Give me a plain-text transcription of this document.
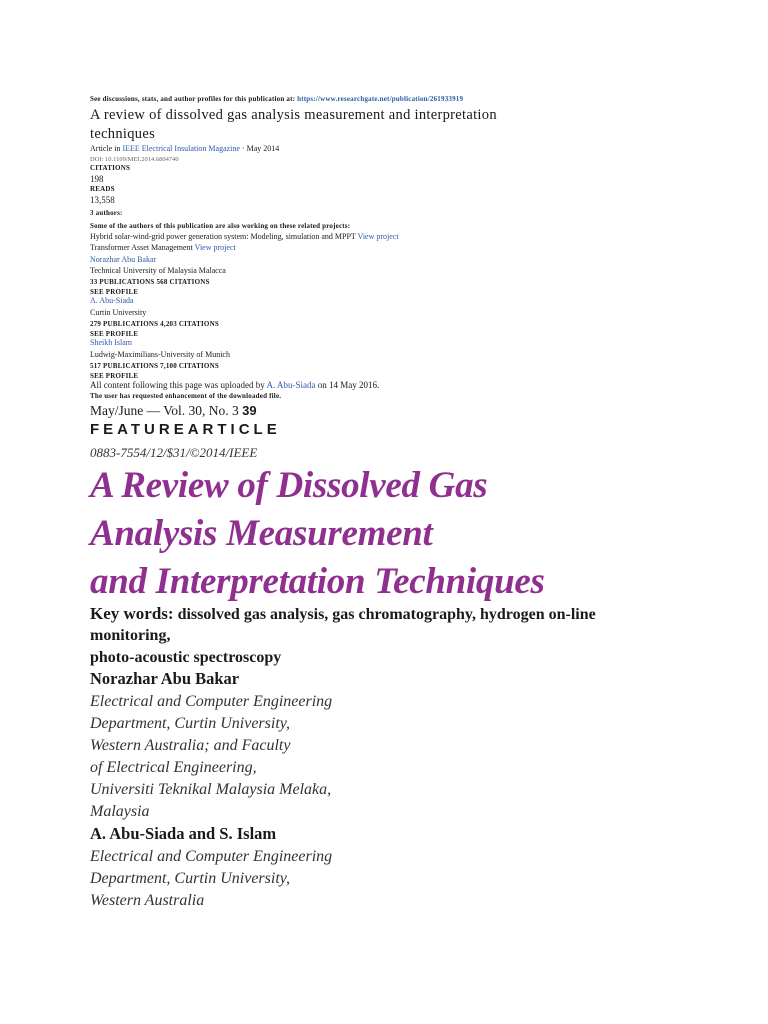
See discussions, stats, and author profiles for this publication at: https://www.researchgate.net/publication/261933919
A review of dissolved gas analysis measurement and interpretation
techniques
Article in IEEE Electrical Insulation Magazine · May 2014
DOI: 10.1109/MEI.2014.6804740
CITATIONS
198
READS
13,558
3 authors:
Some of the authors of this publication are also working on these related projects:
Hybrid solar-wind-grid power generation system: Modeling, simulation and MPPT View project
Transformer Asset Management View project
Norazhar Abu Bakar
Technical University of Malaysia Malacca
33 PUBLICATIONS 568 CITATIONS
SEE PROFILE
A. Abu-Siada
Curtin University
279 PUBLICATIONS 4,203 CITATIONS
SEE PROFILE
Sheikh Islam
Ludwig-Maximilians-University of Munich
517 PUBLICATIONS 7,100 CITATIONS
SEE PROFILE
All content following this page was uploaded by A. Abu-Siada on 14 May 2016.
The user has requested enhancement of the downloaded file.
May/June — Vol. 30, No. 3 39
FEATUREARTICLE
0883-7554/12/$31/©2014/IEEE
A Review of Dissolved Gas
Analysis Measurement
and Interpretation Techniques
Key words: dissolved gas analysis, gas chromatography, hydrogen on-line
monitoring,
photo-acoustic spectroscopy
Norazhar Abu Bakar
Electrical and Computer Engineering
Department, Curtin University,
Western Australia; and Faculty
of Electrical Engineering,
Universiti Teknikal Malaysia Melaka,
Malaysia
A. Abu-Siada and S. Islam
Electrical and Computer Engineering
Department, Curtin University,
Western Australia
